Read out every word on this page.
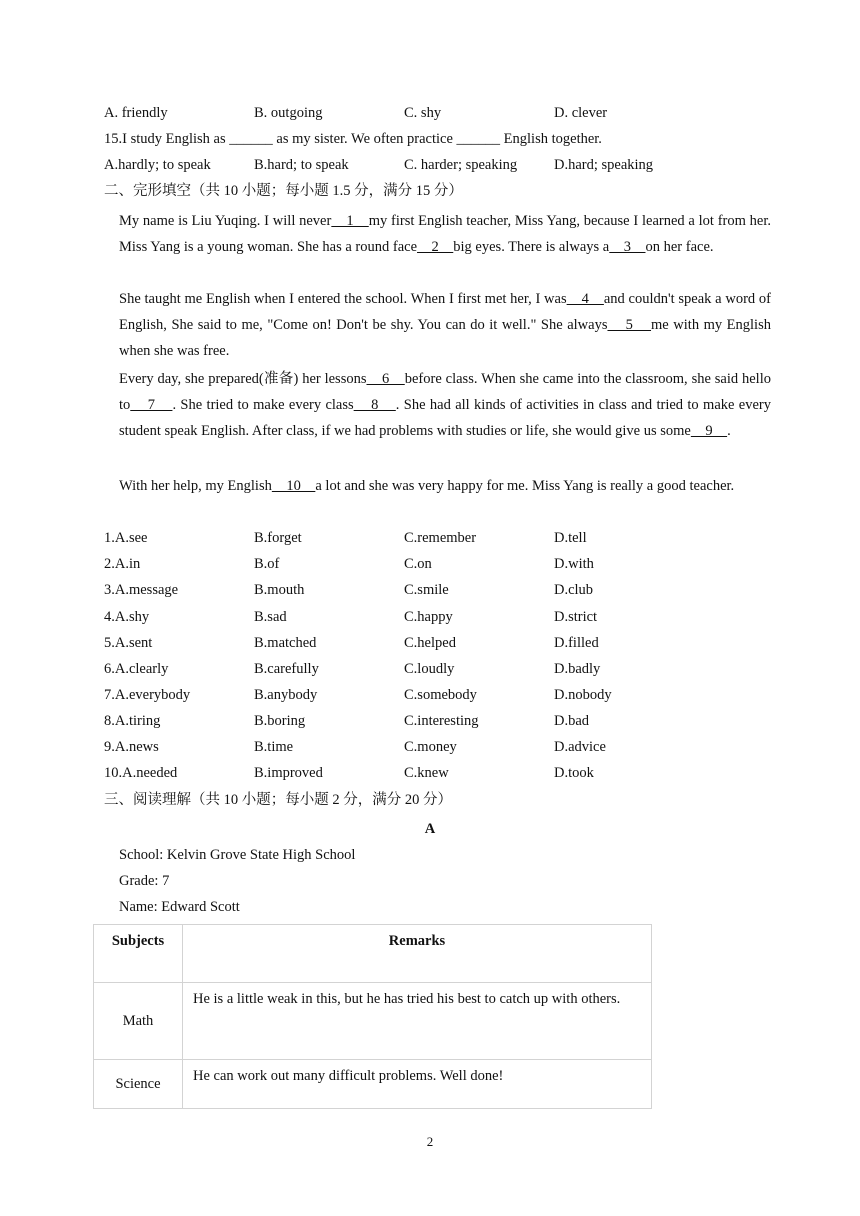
A. friendly	B. outgoing	C. shy	D. clever
15.I study English as ______ as my sister. We often practice ______ English together.
A.hardly; to speak	B.hard; to speak	C. harder; speaking	D.hard; speaking
二、完形填空（共 10 小题；每小题 1.5 分，满分 15 分）
My name is Liu Yuqing. I will never    1    my first English teacher, Miss Yang, because I learned a lot from her. Miss Yang is a young woman. She has a round face    2    big eyes. There is always a    3    on her face.
She taught me English when I entered the school. When I first met her, I was    4    and couldn't speak a word of English, She said to me, "Come on! Don't be shy. You can do it well." She always    5    me with my English when she was free.
Every day, she prepared(准备) her lessons    6    before class. When she came into the classroom, she said hello to    7    . She tried to make every class    8    . She had all kinds of activities in class and tried to make every student speak English. After class, if we had problems with studies or life, she would give us some    9    .
With her help, my English    10    a lot and she was very happy for me. Miss Yang is really a good teacher.
1.A.see	B.forget	C.remember	D.tell
2.A.in	B.of	C.on	D.with
3.A.message	B.mouth	C.smile	D.club
4.A.shy	B.sad	C.happy	D.strict
5.A.sent	B.matched	C.helped	D.filled
6.A.clearly	B.carefully	C.loudly	D.badly
7.A.everybody	B.anybody	C.somebody	D.nobody
8.A.tiring	B.boring	C.interesting	D.bad
9.A.news	B.time	C.money	D.advice
10.A.needed	B.improved	C.knew	D.took
三、阅读理解（共 10 小题；每小题 2 分，满分 20 分）
A
School: Kelvin Grove State High School
Grade: 7
Name: Edward Scott
Subjects	Remarks
Math	He is a little weak in this, but he has tried his best to catch up with others.
Science	He can work out many difficult problems. Well done!
2
